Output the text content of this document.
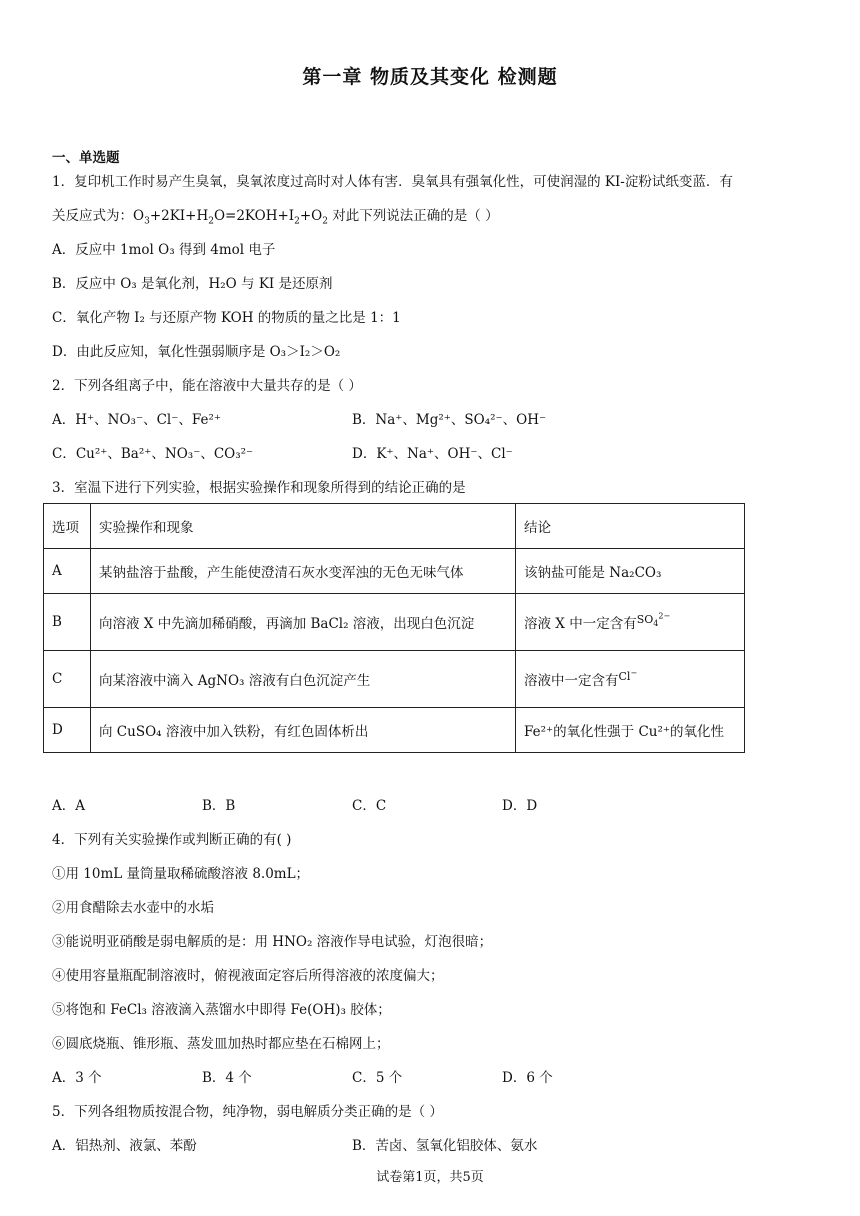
第一章 物质及其变化 检测题
一、单选题
1．复印机工作时易产生臭氧，臭氧浓度过高时对人体有害．臭氧具有强氧化性，可使润湿的 KI-淀粉试纸变蓝．有
关反应式为：$O_3+2KI+H_2O=2KOH+I_2+O_2$ 对此下列说法正确的是（ ）
A．反应中 1mol O₃ 得到 4mol 电子
B．反应中 O₃ 是氧化剂，H₂O 与 KI 是还原剂
C．氧化产物 I₂ 与还原产物 KOH 的物质的量之比是 1：1
D．由此反应知，氧化性强弱顺序是 O₃＞I₂＞O₂
2．下列各组离子中，能在溶液中大量共存的是（ ）
A．H⁺、NO₃⁻、Cl⁻、Fe²⁺	B．Na⁺、Mg²⁺、SO₄²⁻、OH⁻
C．Cu²⁺、Ba²⁺、NO₃⁻、CO₃²⁻	D．K⁺、Na⁺、OH⁻、Cl⁻
3．室温下进行下列实验，根据实验操作和现象所得到的结论正确的是
选项	实验操作和现象	结论
A	某钠盐溶于盐酸，产生能使澄清石灰水变浑浊的无色无味气体	该钠盐可能是 Na₂CO₃
B	向溶液 X 中先滴加稀硝酸，再滴加 BaCl₂ 溶液，出现白色沉淀	溶液 X 中一定含有$SO_4^{2-}$
C	向某溶液中滴入 AgNO₃ 溶液有白色沉淀产生	溶液中一定含有Cl−
D	向 CuSO₄ 溶液中加入铁粉，有红色固体析出	Fe²⁺的氧化性强于 Cu²⁺的氧化性
A．A	B．B	C．C	D．D
4．下列有关实验操作或判断正确的有( )
①用 10mL 量筒量取稀硫酸溶液 8.0mL；
②用食醋除去水壶中的水垢
③能说明亚硝酸是弱电解质的是：用 HNO₂ 溶液作导电试验，灯泡很暗；
④使用容量瓶配制溶液时，俯视液面定容后所得溶液的浓度偏大；
⑤将饱和 FeCl₃ 溶液滴入蒸馏水中即得 Fe(OH)₃ 胶体；
⑥圆底烧瓶、锥形瓶、蒸发皿加热时都应垫在石棉网上；
A．3 个	B．4 个	C．5 个	D．6 个
5．下列各组物质按混合物，纯净物，弱电解质分类正确的是（ ）
A．铝热剂、液氯、苯酚	B．苦卤、氢氧化铝胶体、氨水
试卷第1页，共5页
